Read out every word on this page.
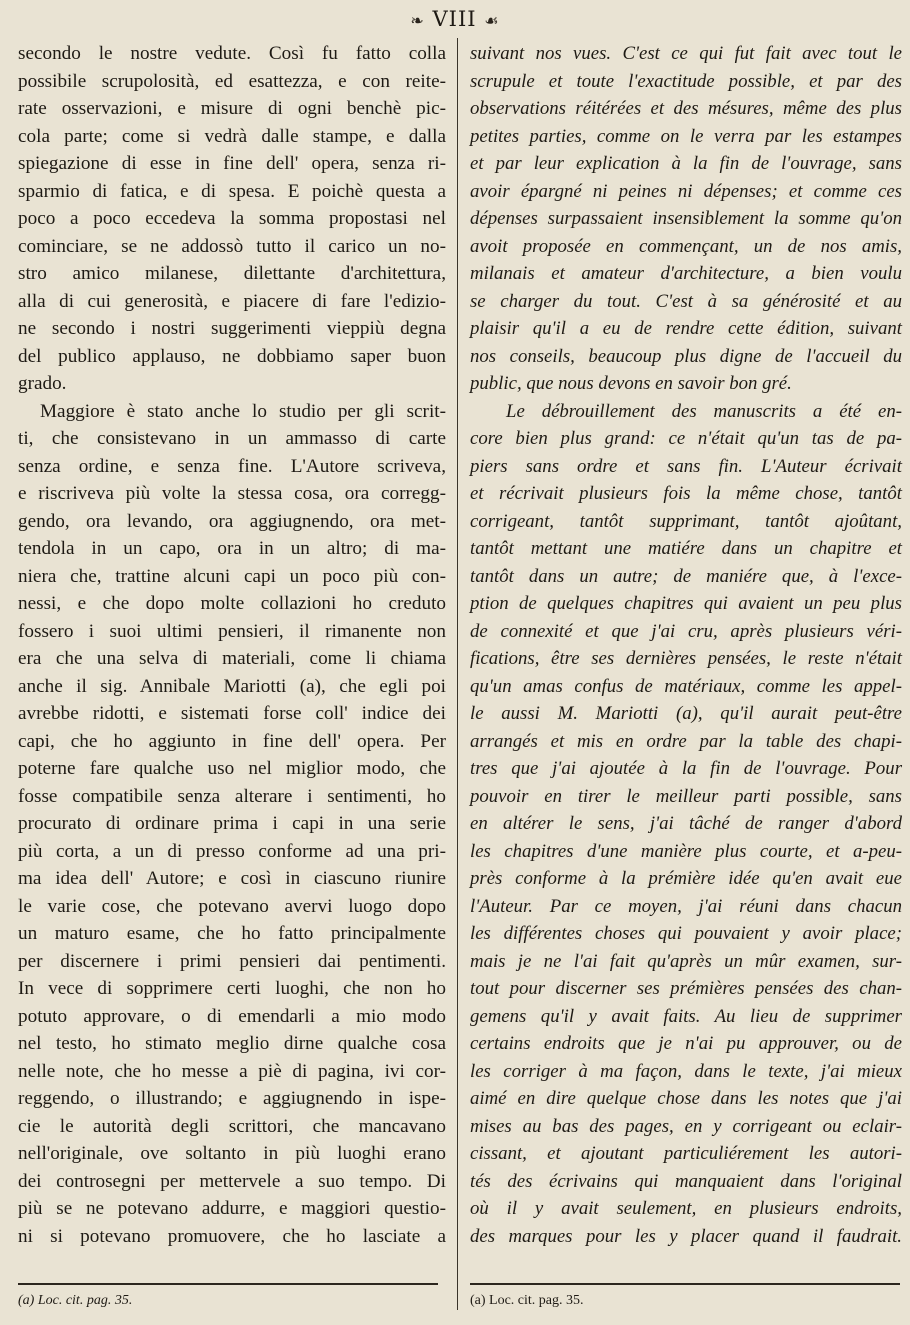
❧ VIII ☙
secondo le nostre vedute. Così fu fatto colla
possibile scrupolosità, ed esattezza, e con reite-
rate osservazioni, e misure di ogni benchè pic-
cola parte; come si vedrà dalle stampe, e dalla
spiegazione di esse in fine dell' opera, senza ri-
sparmio di fatica, e di spesa. E poichè questa a
poco a poco eccedeva la somma propostasi nel
cominciare, se ne addossò tutto il carico un no-
stro amico milanese, dilettante d'architettura,
alla di cui generosità, e piacere di fare l'edizio-
ne secondo i nostri suggerimenti vieppiù degna
del publico applauso, ne dobbiamo saper buon
grado.
Maggiore è stato anche lo studio per gli scrit-
ti, che consistevano in un ammasso di carte
senza ordine, e senza fine. L'Autore scriveva,
e riscriveva più volte la stessa cosa, ora corregg-
gendo, ora levando, ora aggiugnendo, ora met-
tendola in un capo, ora in un altro; di ma-
niera che, trattine alcuni capi un poco più con-
nessi, e che dopo molte collazioni ho creduto
fossero i suoi ultimi pensieri, il rimanente non
era che una selva di materiali, come li chiama
anche il sig. Annibale Mariotti (a), che egli poi
avrebbe ridotti, e sistemati forse coll' indice dei
capi, che ho aggiunto in fine dell' opera. Per
poterne fare qualche uso nel miglior modo, che
fosse compatibile senza alterare i sentimenti, ho
procurato di ordinare prima i capi in una serie
più corta, a un di presso conforme ad una pri-
ma idea dell' Autore; e così in ciascuno riunire
le varie cose, che potevano avervi luogo dopo
un maturo esame, che ho fatto principalmente
per discernere i primi pensieri dai pentimenti.
In vece di sopprimere certi luoghi, che non ho
potuto approvare, o di emendarli a mio modo
nel testo, ho stimato meglio dirne qualche cosa
nelle note, che ho messe a piè di pagina, ivi cor-
reggendo, o illustrando; e aggiugnendo in ispe-
cie le autorità degli scrittori, che mancavano
nell'originale, ove soltanto in più luoghi erano
dei controsegni per mettervele a suo tempo. Di
più se ne potevano addurre, e maggiori questio-
ni si potevano promuovere, che ho lasciate a
suivant nos vues. C'est ce qui fut fait avec tout le
scrupule et toute l'exactitude possible, et par des
observations réitérées et des mésures, même des plus
petites parties, comme on le verra par les estampes
et par leur explication à la fin de l'ouvrage, sans
avoir épargné ni peines ni dépenses; et comme ces
dépenses surpassaient insensiblement la somme qu'on
avoit proposée en commençant, un de nos amis,
milanais et amateur d'architecture, a bien voulu
se charger du tout. C'est à sa générosité et au
plaisir qu'il a eu de rendre cette édition, suivant
nos conseils, beaucoup plus digne de l'accueil du
public, que nous devons en savoir bon gré.
Le débrouillement des manuscrits a été en-
core bien plus grand: ce n'était qu'un tas de pa-
piers sans ordre et sans fin. L'Auteur écrivait
et récrivait plusieurs fois la même chose, tantôt
corrigeant, tantôt supprimant, tantôt ajoûtant,
tantôt mettant une matiére dans un chapitre et
tantôt dans un autre; de maniére que, à l'exce-
ption de quelques chapitres qui avaient un peu plus
de connexité et que j'ai cru, après plusieurs véri-
fications, être ses dernières pensées, le reste n'était
qu'un amas confus de matériaux, comme les appel-
le aussi M. Mariotti (a), qu'il aurait peut-être
arrangés et mis en ordre par la table des chapi-
tres que j'ai ajoutée à la fin de l'ouvrage. Pour
pouvoir en tirer le meilleur parti possible, sans
en altérer le sens, j'ai tâché de ranger d'abord
les chapitres d'une manière plus courte, et a-peu-
près conforme à la prémière idée qu'en avait eue
l'Auteur. Par ce moyen, j'ai réuni dans chacun
les différentes choses qui pouvaient y avoir place;
mais je ne l'ai fait qu'après un mûr examen, sur-
tout pour discerner ses prémières pensées des chan-
gemens qu'il y avait faits. Au lieu de supprimer
certains endroits que je n'ai pu approuver, ou de
les corriger à ma façon, dans le texte, j'ai mieux
aimé en dire quelque chose dans les notes que j'ai
mises au bas des pages, en y corrigeant ou eclair-
cissant, et ajoutant particuliérement les autori-
tés des écrivains qui manquaient dans l'original
où il y avait seulement, en plusieurs endroits,
des marques pour les y placer quand il faudrait.
(a) Loc. cit. pag. 35.	(a) Loc. cit. pag. 35.
